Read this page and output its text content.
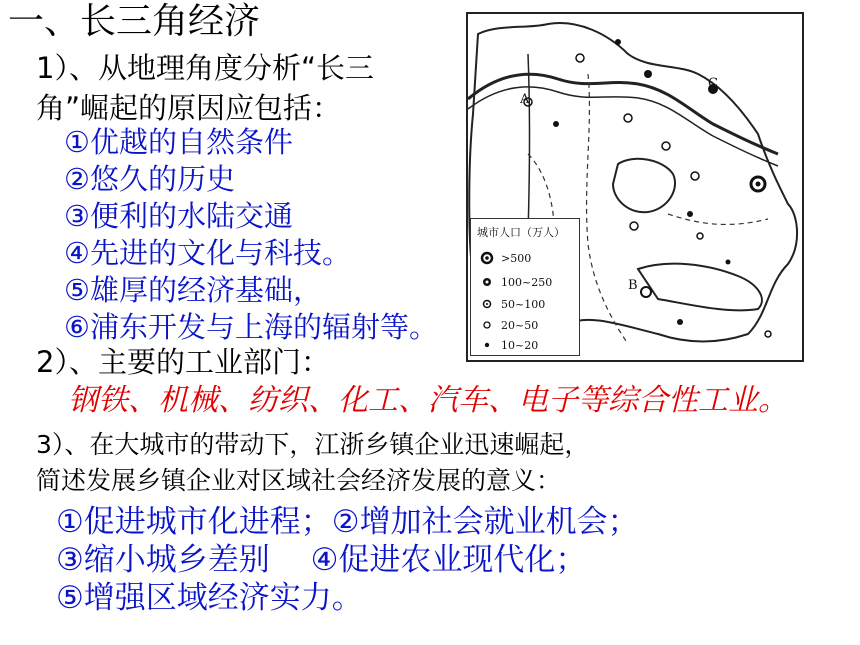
一、长三角经济
1）、从地理角度分析“长三
角”崛起的原因应包括：
①优越的自然条件
②悠久的历史
③便利的水陆交通
④先进的文化与科技。
⑤雄厚的经济基础，
⑥浦东开发与上海的辐射等。
2）、主要的工业部门：
钢铁、机械、纺织、化工、汽车、电子等综合性工业。
3）、在大城市的带动下，江浙乡镇企业迅速崛起，
简述发展乡镇企业对区域社会经济发展的意义：
①促进城市化进程；②增加社会就业机会；
③缩小城乡差别　 ④促进农业现代化；
⑤增强区域经济实力。
A
B
C
城市人口（万人）
>500
100~250
50~100
20~50
10~20
